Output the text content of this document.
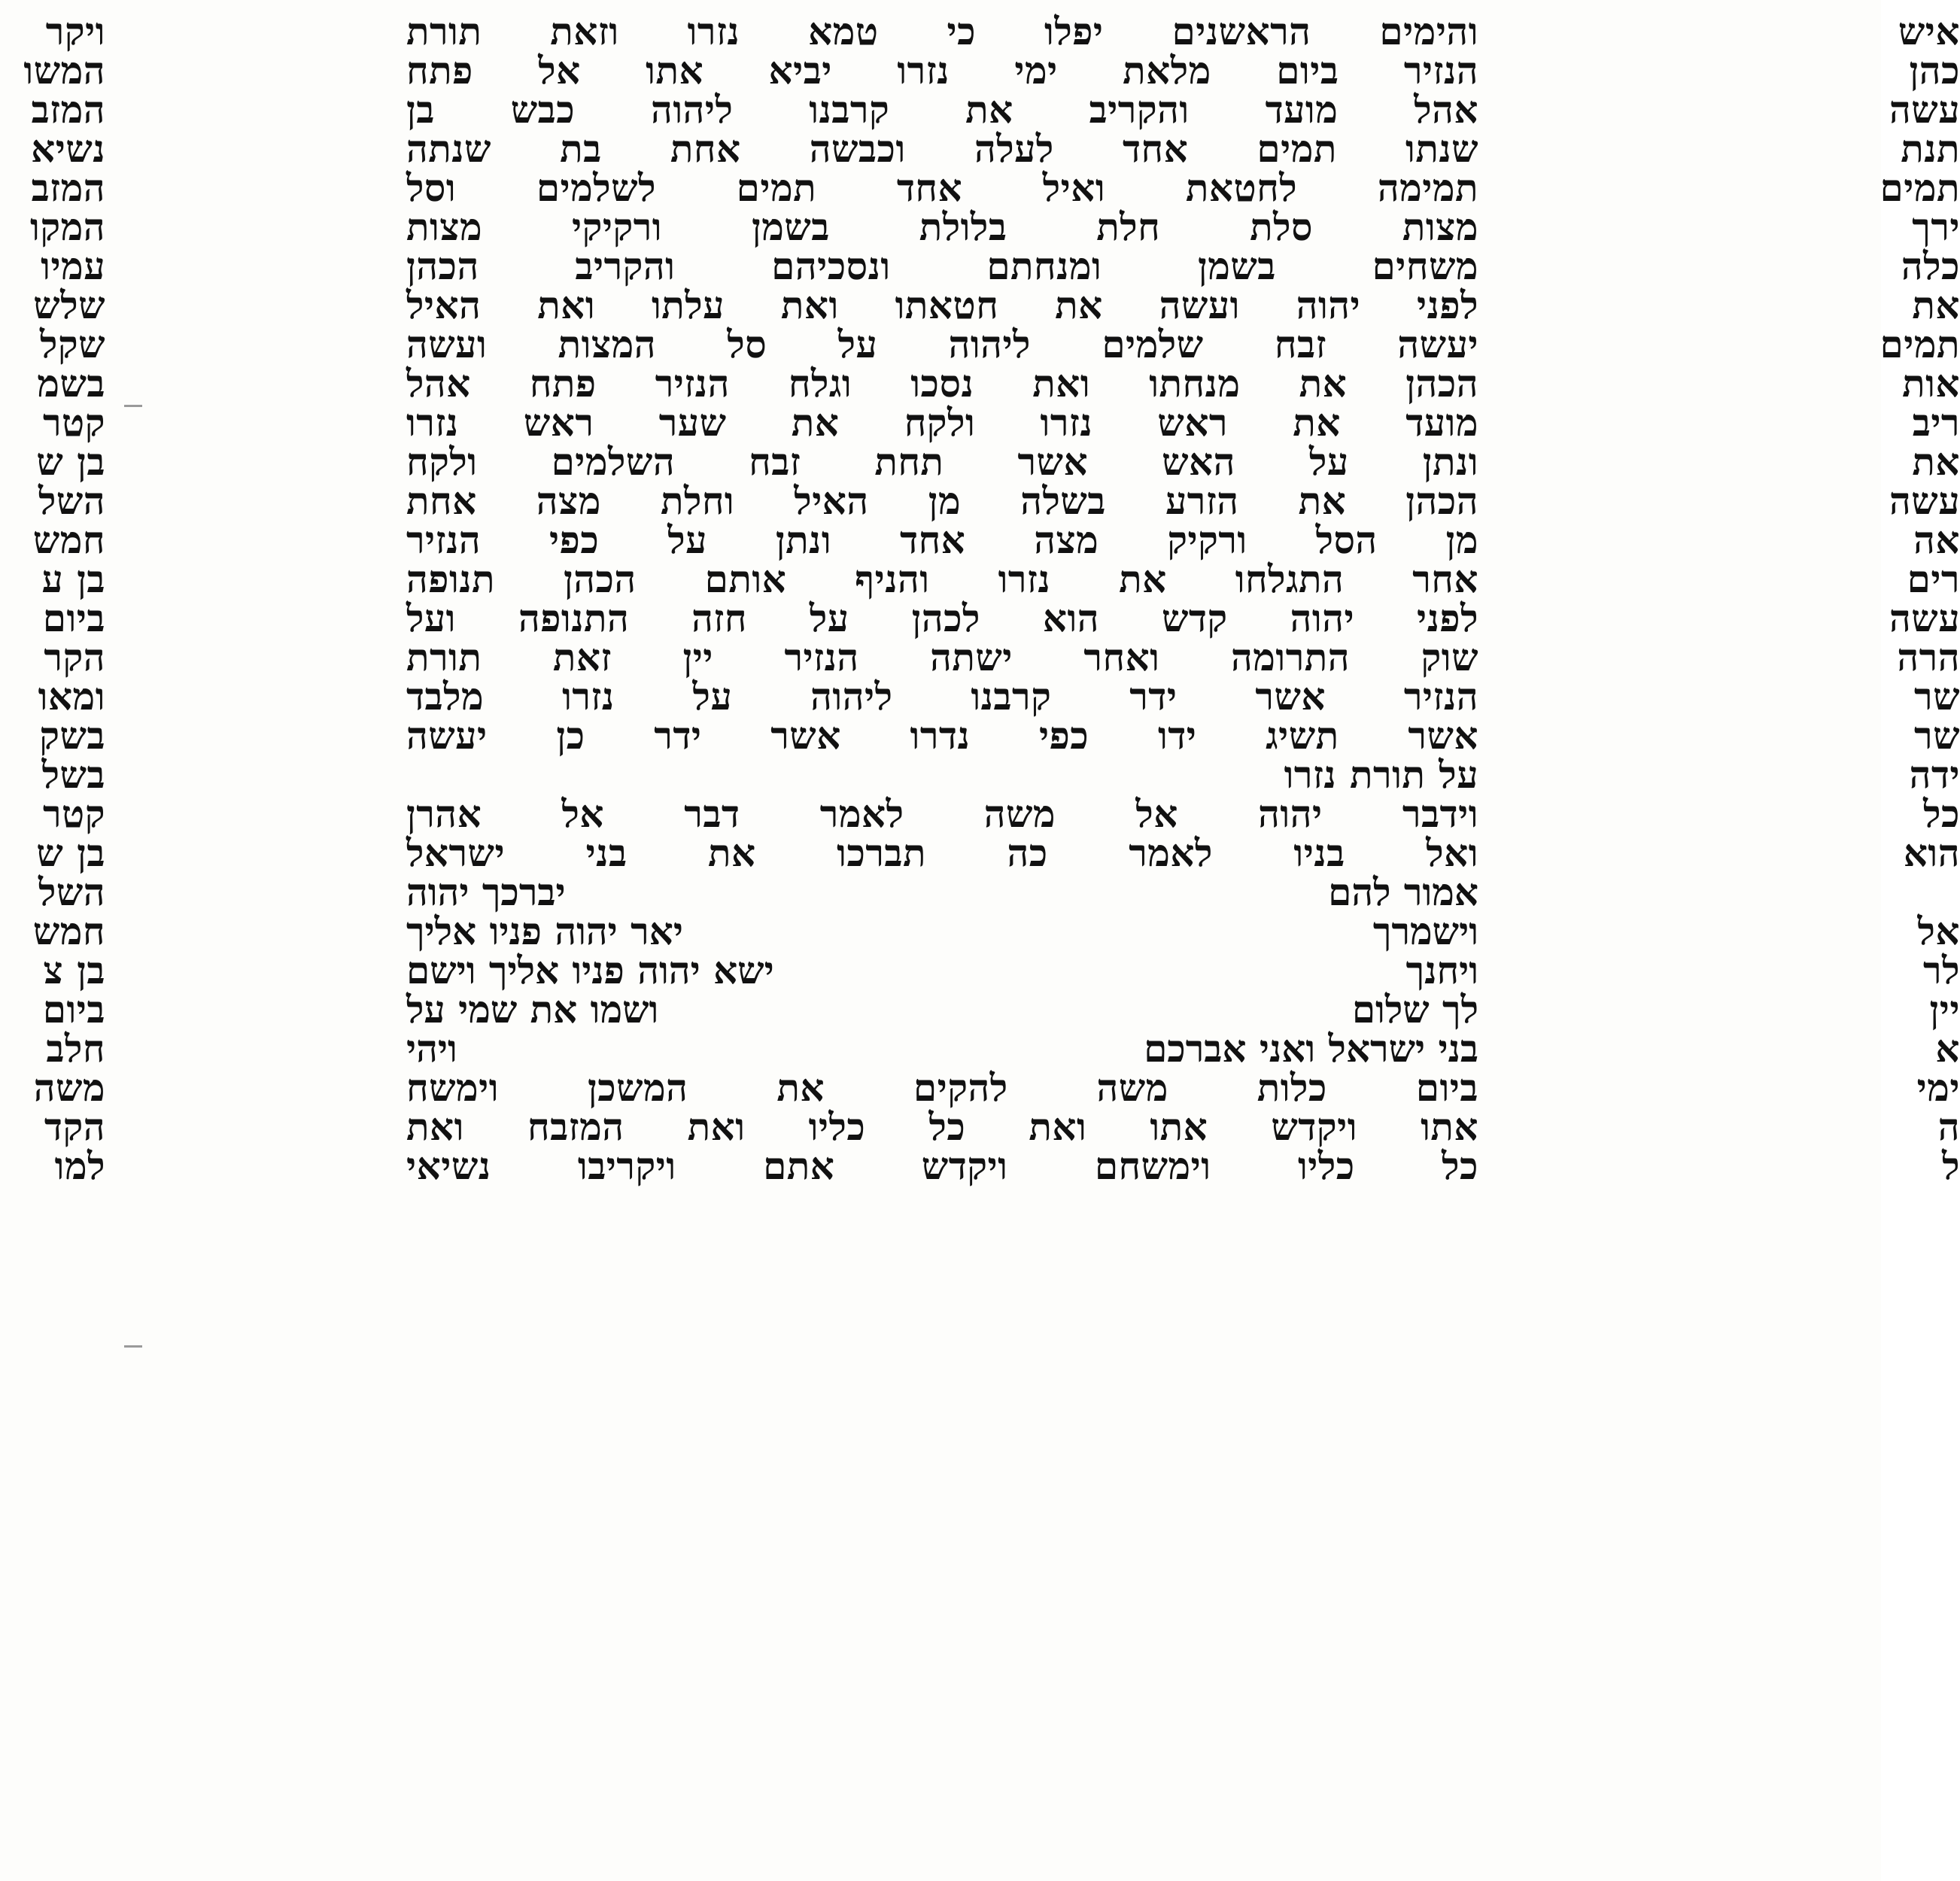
ויקר
המשו
המזב
נשיא
המזב
המקו
עמיו
שלש
שקל
בשמ
קטר
בן ש
השל
חמש
בן ע
ביום
הקר
ומאו
בשק
בשל
קטר
בן ש
השל
חמש
בן צ
ביום
חלב
משה
הקד
למו
והימים הראשנים יפלו כי טמא נזרו וזאת תורת
הנזיר ביום מלאת ימי נזרו יביא אתו אל פתח
אהל מועד והקריב את קרבנו ליהוה כבש בן
שנתו תמים אחד לעלה וכבשה אחת בת שנתה
תמימה לחטאת ואיל אחד תמים לשלמים וסל
מצות סלת חלת בלולת בשמן ורקיקי מצות
משחים בשמן ומנחתם ונסכיהם והקריב הכהן
לפני יהוה ועשה את חטאתו ואת עלתו ואת האיל
יעשה זבח שלמים ליהוה על סל המצות ועשה
הכהן את מנחתו ואת נסכו וגלח הנזיר פתח אהל
מועד את ראש נזרו ולקח את שער ראש נזרו
ונתן על האש אשר תחת זבח השלמים ולקח
הכהן את הזרע בשלה מן האיל וחלת מצה אחת
מן הסל ורקיק מצה אחד ונתן על כפי הנזיר
אחר התגלחו את נזרו והניף אותם הכהן תנופה
לפני יהוה קדש הוא לכהן על חזה התנופה ועל
שוק התרומה ואחר ישתה הנזיר יין זאת תורת
הנזיר אשר ידר קרבנו ליהוה על נזרו מלבד
אשר תשיג ידו כפי נדרו אשר ידר כן יעשה
על תורת נזרו
וידבר יהוה אל משה לאמר דבר אל אהרן
ואל בניו לאמר כה תברכו את בני ישראל
אמור להם
יברכך יהוה
וישמרך
יאר יהוה פניו אליך
ויחנך
ישא יהוה פניו אליך וישם
לך שלום
ושמו את שמי על
בני ישראל ואני אברכם
ויהי
ביום כלות משה להקים את המשכן וימשח
אתו ויקדש אתו ואת כל כליו ואת המזבח ואת
כל כליו וימשחם ויקדש אתם ויקריבו נשיאי
איש
כהן
עשה
תנת
תמים
ירך
כלה
את
תמים
אות
ריב
את
עשה
אה
רים
עשה
הרה
שר
שר
ידה
כל
הוא
אל
לר
יין
א
ימי
ה
ל
